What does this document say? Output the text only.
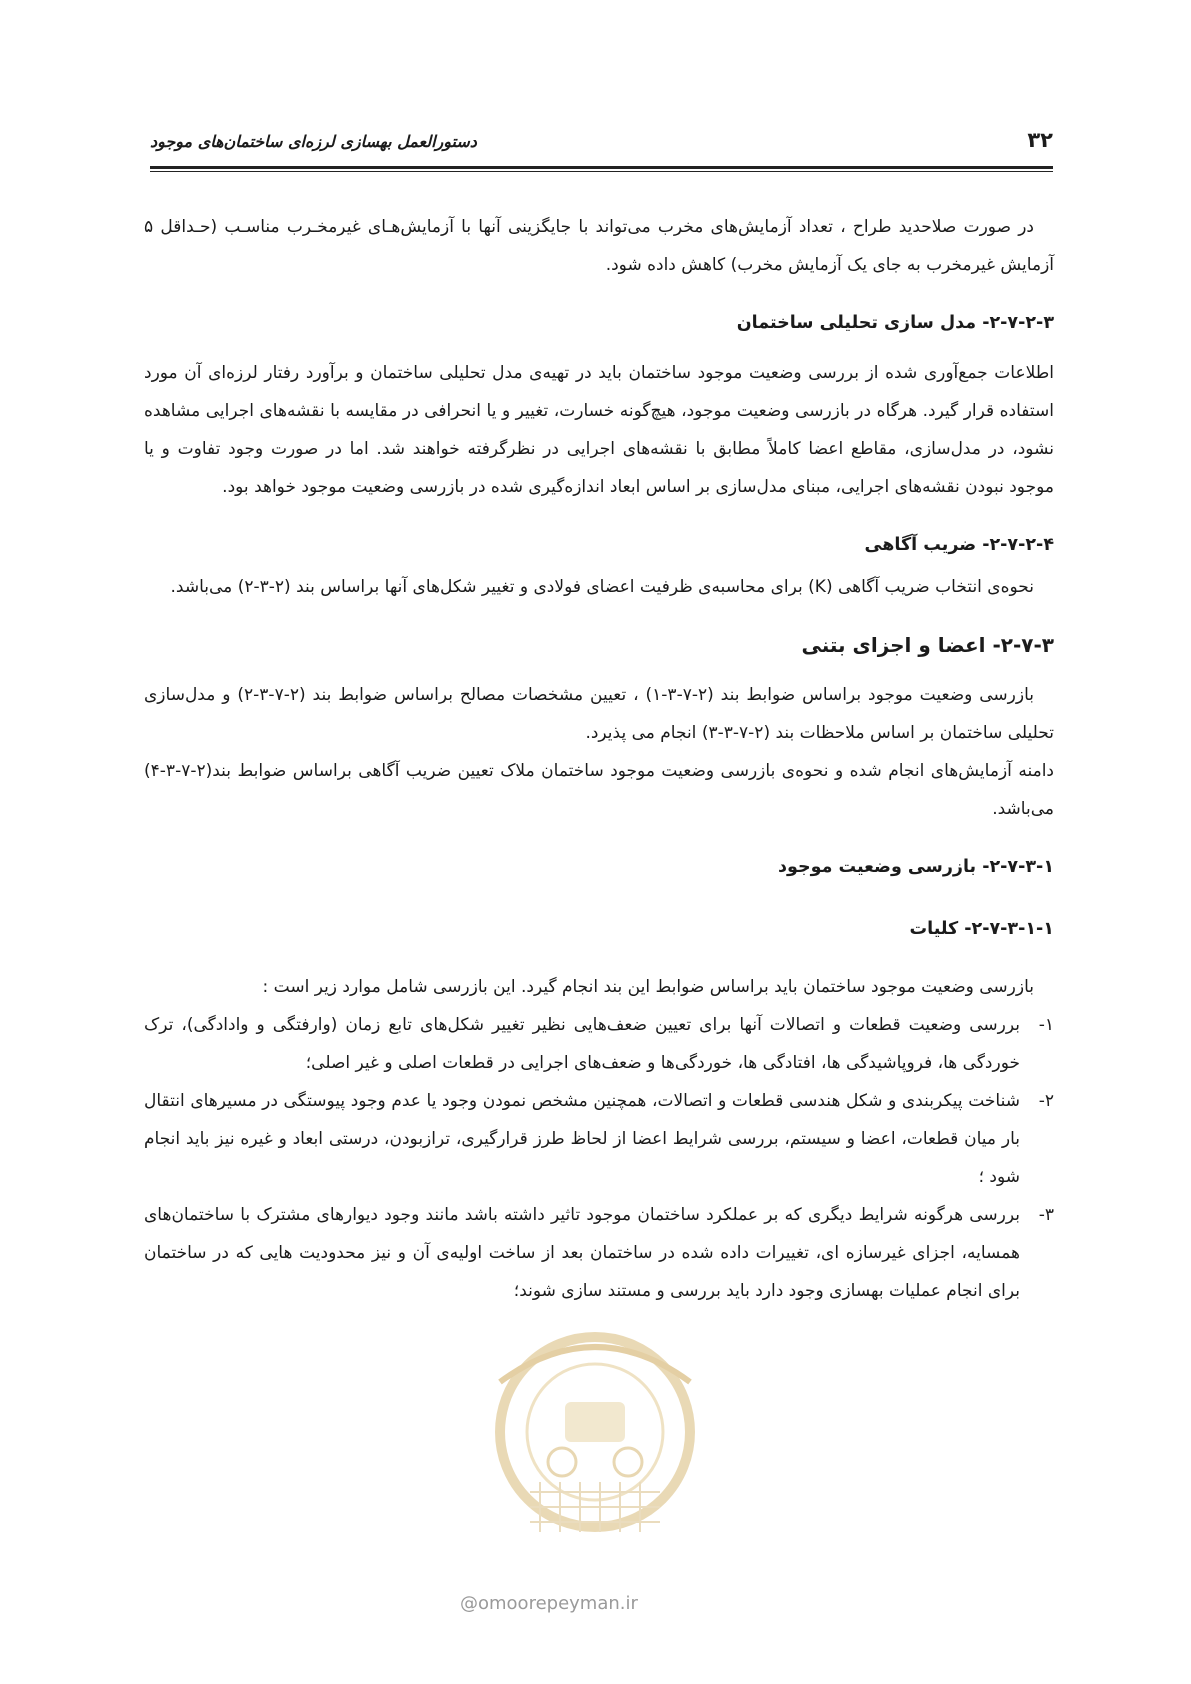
۳۲
دستورالعمل بهسازی لرزه‌ای ساختمان‌های موجود

در صورت صلاحدید طراح ، تعداد آزمایش‌های مخرب می‌تواند با جایگزینی آنها با آزمایش‌هـای غیرمخـرب مناسـب (حـداقل ۵ آزمایش غیرمخرب به جای یک آزمایش مخرب) کاهش داده شود.

۲-۷-۲-۳- مدل سازی تحلیلی ساختمان

اطلاعات جمع‌آوری شده از بررسی وضعیت موجود ساختمان باید در تهیه‌ی مدل تحلیلی ساختمان و برآورد رفتار لرزه‌ای آن مورد استفاده قرار گیرد. هرگاه در بازرسی وضعیت موجود، هیچ‌گونه خسارت، تغییر و یا انحرافی در مقایسه با نقشه‌های اجرایی مشاهده نشود، در مدل‌سازی، مقاطع اعضا کاملاً مطابق با نقشه‌های اجرایی در نظرگرفته خواهند شد. اما در صورت وجود تفاوت و یا موجود نبودن نقشه‌های اجرایی، مبنای مدل‌سازی بر اساس ابعاد اندازه‌گیری شده در بازرسی وضعیت موجود خواهد بود.

۲-۷-۲-۴- ضریب آگاهی

نحوه‌ی انتخاب ضریب آگاهی (K) برای محاسبه‌ی ظرفیت اعضای فولادی و تغییر شکل‌های آنها براساس بند (۲-۳-۲) می‌باشد.

۲-۷-۳- اعضا و اجزای بتنی

بازرسی وضعیت موجود براساس ضوابط بند (۲-۷-۳-۱) ، تعیین مشخصات مصالح براساس ضوابط بند (۲-۷-۳-۲) و مدل‌سازی تحلیلی ساختمان بر اساس ملاحظات بند (۲-۷-۳-۳) انجام می پذیرد.

دامنه آزمایش‌های انجام شده و نحوه‌ی بازرسی وضعیت موجود ساختمان ملاک تعیین ضریب آگاهی براساس ضوابط بند(۲-۷-۳-۴) می‌باشد.

۲-۷-۳-۱- بازرسی وضعیت موجود
۲-۷-۳-۱-۱- کلیات

بازرسی وضعیت موجود ساختمان باید براساس ضوابط این بند انجام گیرد. این بازرسی شامل موارد زیر است :

۱-

بررسی وضعیت قطعات و اتصالات آنها برای تعیین ضعف‌هایی نظیر تغییر شکل‌های تابع زمان (وارفتگی و وادادگی)، ترک خوردگی ها، فروپاشیدگی ها، افتادگی ها، خوردگی‌ها و ضعف‌های اجرایی در قطعات اصلی و غیر اصلی؛

۲-

شناخت پیکربندی و شکل هندسی قطعات و اتصالات، همچنین مشخص نمودن وجود یا عدم وجود پیوستگی در مسیرهای انتقال بار میان قطعات، اعضا و سیستم، بررسی شرایط اعضا از لحاظ طرز قرارگیری، ترازبودن، درستی ابعاد و غیره نیز باید انجام شود ؛

۳-

بررسی هرگونه شرایط دیگری که بر عملکرد ساختمان موجود تاثیر داشته باشد مانند وجود دیوارهای مشترک با ساختمان‌های همسایه، اجزای غیرسازه ای، تغییرات داده شده در ساختمان بعد از ساخت اولیه‌ی آن و نیز محدودیت هایی که در ساختمان برای انجام عملیات بهسازی وجود دارد باید بررسی و مستند سازی شوند؛

@omoorepeyman.ir
